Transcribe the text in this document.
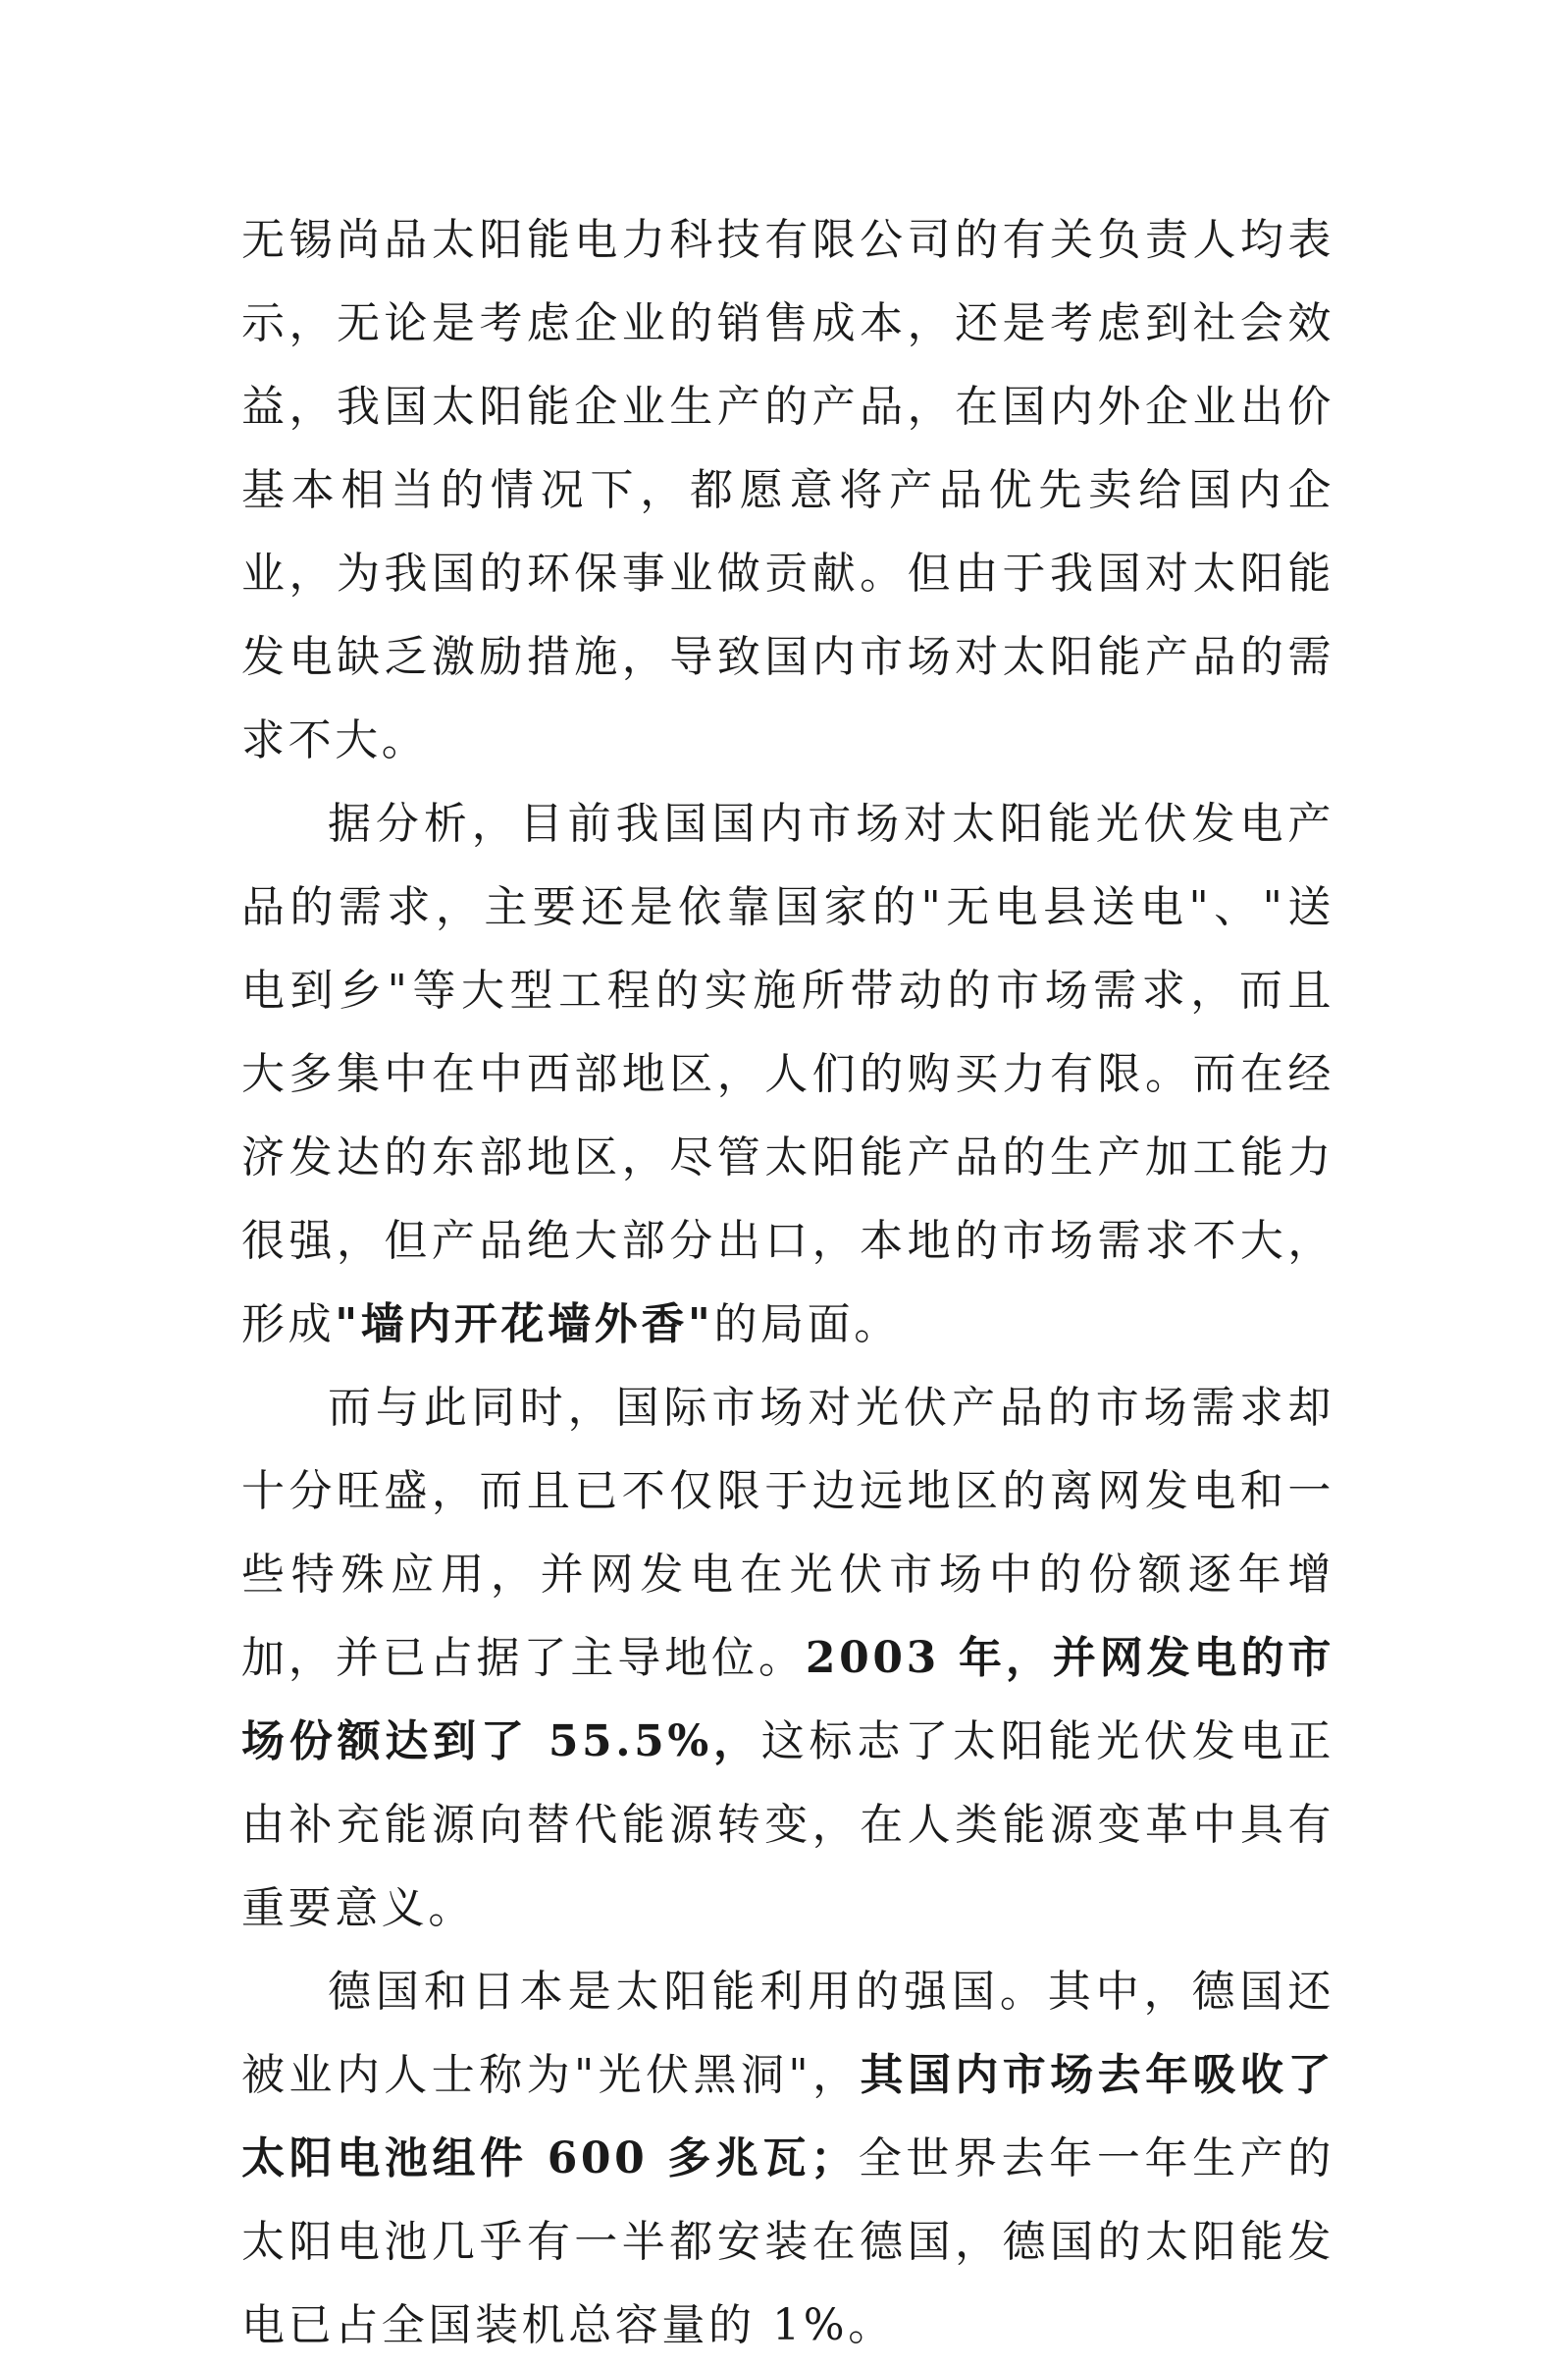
无锡尚品太阳能电力科技有限公司的有关负责人均表示，无论是考虑企业的销售成本，还是考虑到社会效益，我国太阳能企业生产的产品，在国内外企业出价基本相当的情况下，都愿意将产品优先卖给国内企业，为我国的环保事业做贡献。但由于我国对太阳能发电缺乏激励措施，导致国内市场对太阳能产品的需求不大。

据分析，目前我国国内市场对太阳能光伏发电产品的需求，主要还是依靠国家的"无电县送电"、"送电到乡"等大型工程的实施所带动的市场需求，而且大多集中在中西部地区，人们的购买力有限。而在经济发达的东部地区，尽管太阳能产品的生产加工能力很强，但产品绝大部分出口，本地的市场需求不大，形成"墙内开花墙外香"的局面。

而与此同时，国际市场对光伏产品的市场需求却十分旺盛，而且已不仅限于边远地区的离网发电和一些特殊应用，并网发电在光伏市场中的份额逐年增加，并已占据了主导地位。2003 年，并网发电的市场份额达到了 55.5%，这标志了太阳能光伏发电正由补充能源向替代能源转变，在人类能源变革中具有重要意义。

德国和日本是太阳能利用的强国。其中，德国还被业内人士称为"光伏黑洞"，其国内市场去年吸收了太阳电池组件 600 多兆瓦；全世界去年一年生产的太阳电池几乎有一半都安装在德国，德国的太阳能发电已占全国装机总容量的 1%。
